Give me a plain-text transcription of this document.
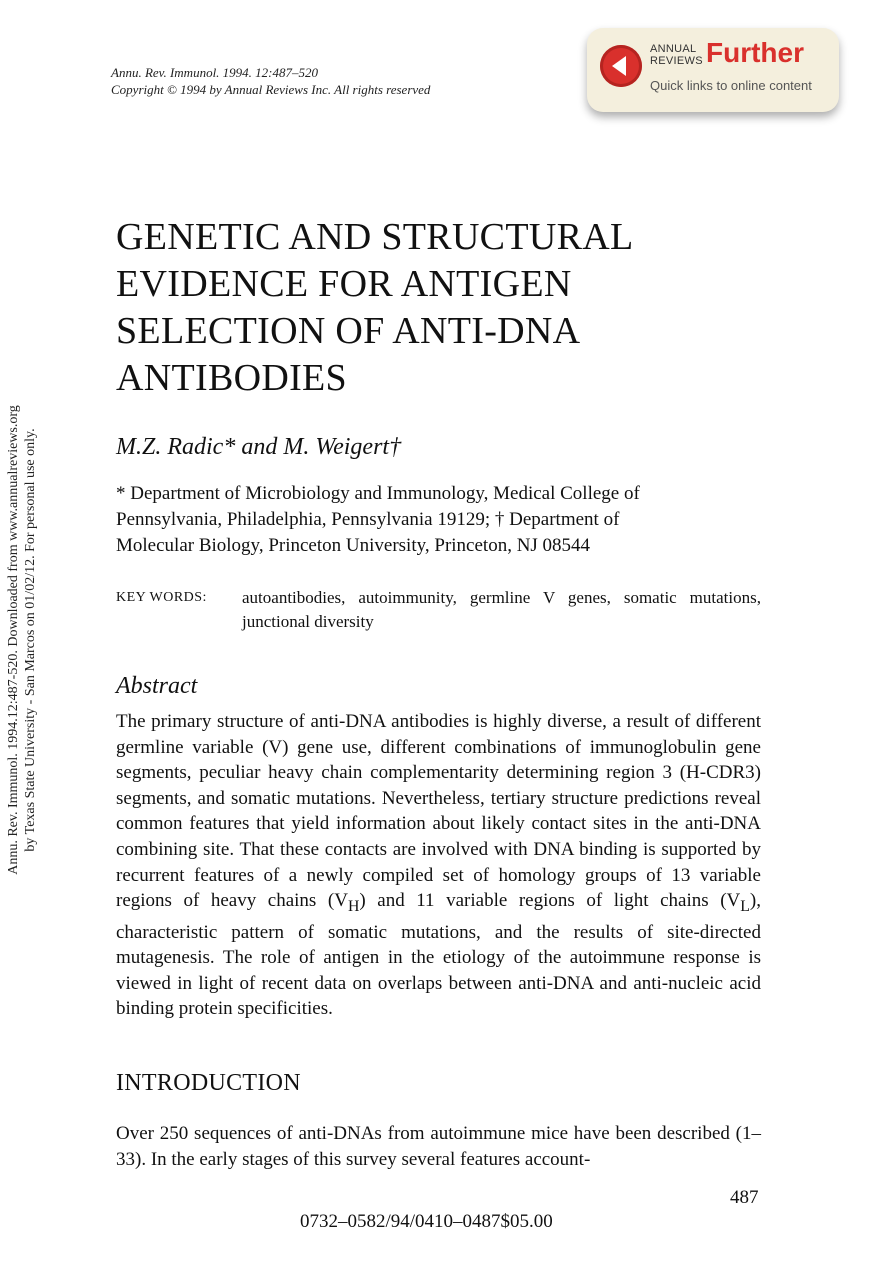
Annu. Rev. Immunol. 1994.12:487-520. Downloaded from www.annualreviews.org by Texas State University - San Marcos on 01/02/12. For personal use only.
Annu. Rev. Immunol. 1994. 12:487–520
Copyright © 1994 by Annual Reviews Inc. All rights reserved
ANNUAL
REVIEWS Further
Quick links to online content
GENETIC AND STRUCTURAL
EVIDENCE FOR ANTIGEN
SELECTION OF ANTI-DNA
ANTIBODIES
M.Z. Radic* and M. Weigert†
* Department of Microbiology and Immunology, Medical College of
Pennsylvania, Philadelphia, Pennsylvania 19129; † Department of
Molecular Biology, Princeton University, Princeton, NJ 08544
KEY WORDS: autoantibodies, autoimmunity, germline V genes, somatic mutations, junctional diversity
Abstract

The primary structure of anti-DNA antibodies is highly diverse, a result of different germline variable (V) gene use, different combinations of immunoglobulin gene segments, peculiar heavy chain complementarity determining region 3 (H-CDR3) segments, and somatic mutations. Nevertheless, tertiary structure predictions reveal common features that yield information about likely contact sites in the anti-DNA combining site. That these contacts are involved with DNA binding is supported by recurrent features of a newly compiled set of homology groups of 13 variable regions of heavy chains $(V_H)$ and 11 variable regions of light chains $(V_L)$, characteristic pattern of somatic mutations, and the results of site-directed mutagenesis. The role of antigen in the etiology of the autoimmune response is viewed in light of recent data on overlaps between anti-DNA and anti-nucleic acid binding protein specificities.

INTRODUCTION

Over 250 sequences of anti-DNAs from autoimmune mice have been described (1–33). In the early stages of this survey several features account-

487
0732–0582/94/0410–0487$05.00
